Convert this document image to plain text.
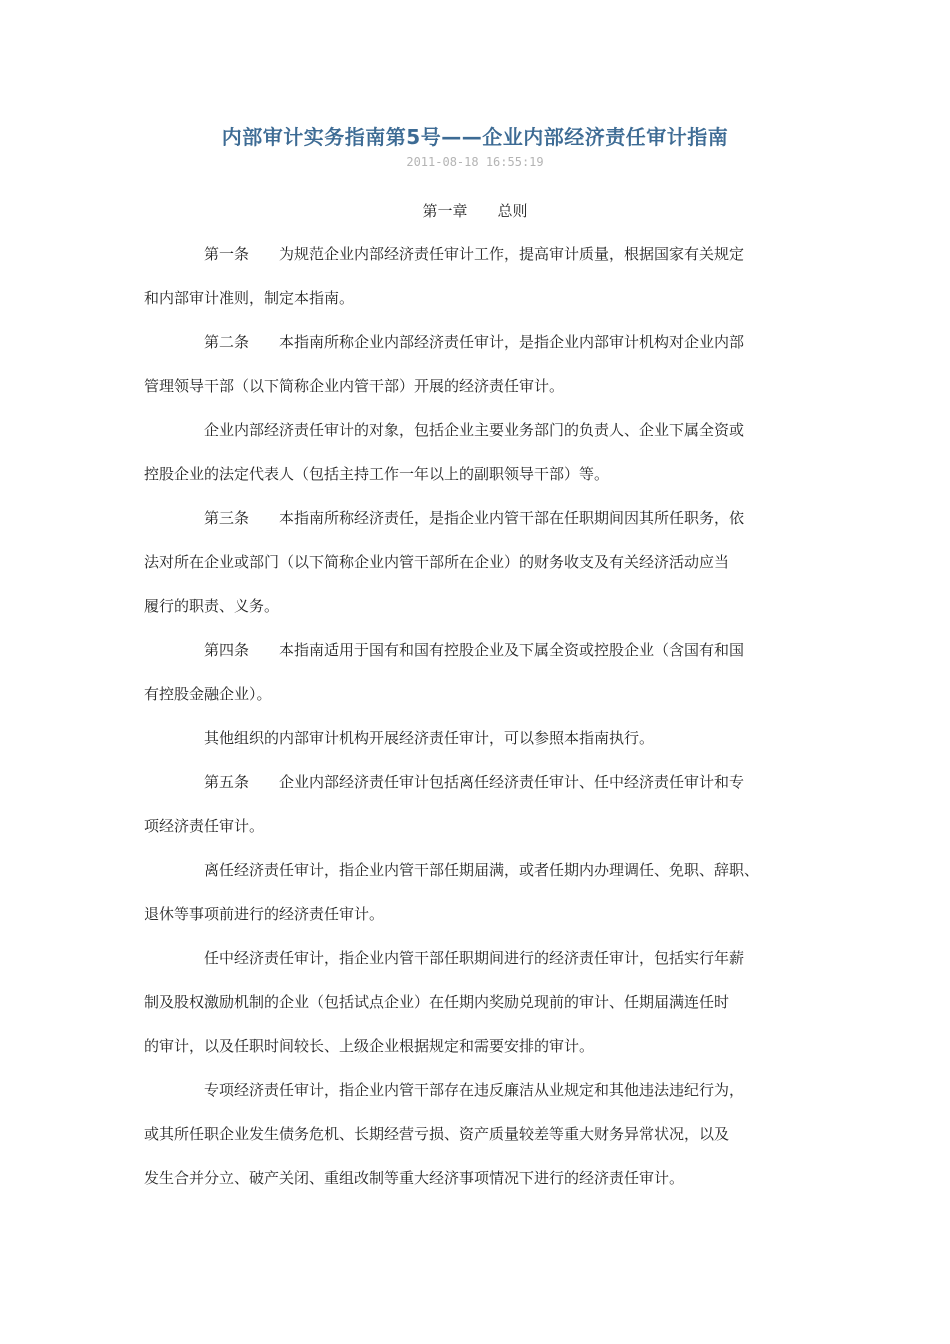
内部审计实务指南第5号——企业内部经济责任审计指南
2011-08-18 16:55:19
第一章　　总则
第一条　　为规范企业内部经济责任审计工作，提高审计质量，根据国家有关规定
和内部审计准则，制定本指南。
第二条　　本指南所称企业内部经济责任审计，是指企业内部审计机构对企业内部
管理领导干部（以下简称企业内管干部）开展的经济责任审计。
企业内部经济责任审计的对象，包括企业主要业务部门的负责人、企业下属全资或
控股企业的法定代表人（包括主持工作一年以上的副职领导干部）等。
第三条　　本指南所称经济责任，是指企业内管干部在任职期间因其所任职务，依
法对所在企业或部门（以下简称企业内管干部所在企业）的财务收支及有关经济活动应当
履行的职责、义务。
第四条　　本指南适用于国有和国有控股企业及下属全资或控股企业（含国有和国
有控股金融企业）。
其他组织的内部审计机构开展经济责任审计，可以参照本指南执行。
第五条　　企业内部经济责任审计包括离任经济责任审计、任中经济责任审计和专
项经济责任审计。
离任经济责任审计，指企业内管干部任期届满，或者任期内办理调任、免职、辞职、
退休等事项前进行的经济责任审计。
任中经济责任审计，指企业内管干部任职期间进行的经济责任审计，包括实行年薪
制及股权激励机制的企业（包括试点企业）在任期内奖励兑现前的审计、任期届满连任时
的审计，以及任职时间较长、上级企业根据规定和需要安排的审计。
专项经济责任审计，指企业内管干部存在违反廉洁从业规定和其他违法违纪行为，
或其所任职企业发生债务危机、长期经营亏损、资产质量较差等重大财务异常状况，以及
发生合并分立、破产关闭、重组改制等重大经济事项情况下进行的经济责任审计。
